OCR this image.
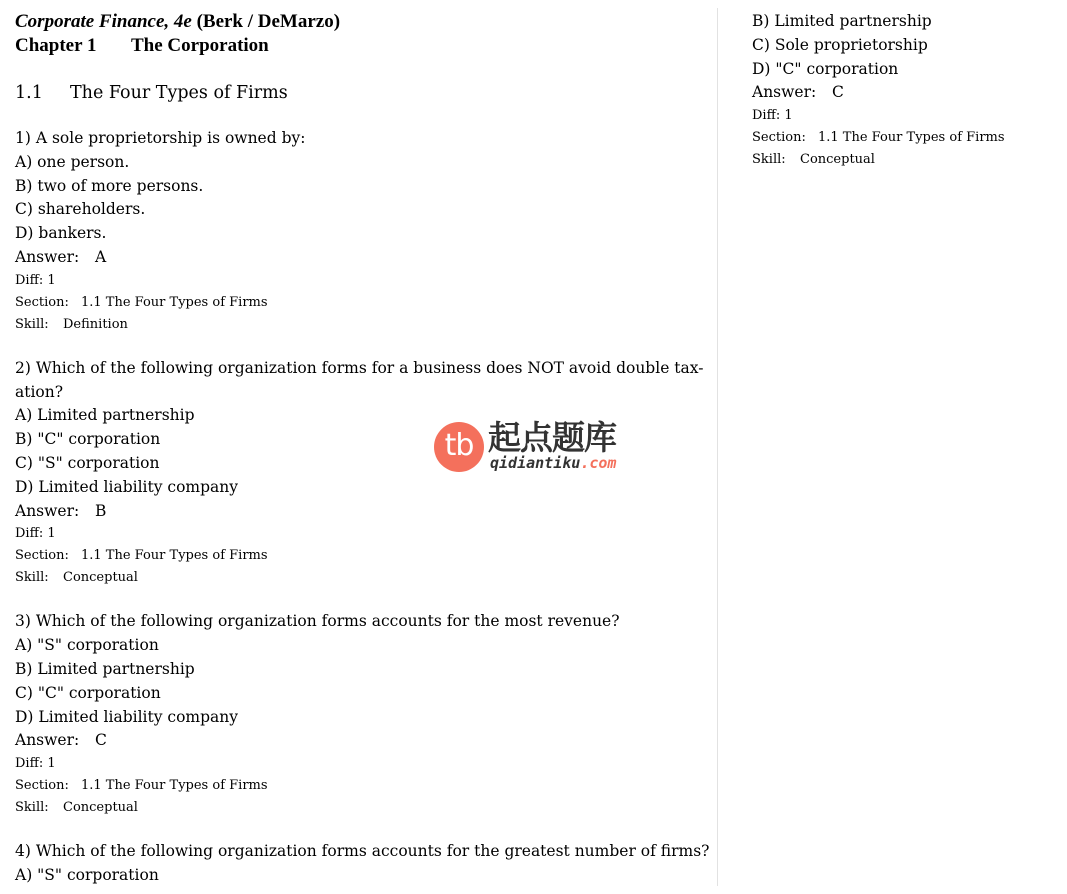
Corporate Finance, 4e (Berk / DeMarzo)
Chapter 1 The Corporation
1.1 The Four Types of Firms
1) A sole proprietorship is owned by:
A) one person.
B) two of more persons.
C) shareholders.
D) bankers.
Answer: A
Diff: 1
Section: 1.1 The Four Types of Firms
Skill: Definition
2) Which of the following organization forms for a business does NOT avoid double tax-
ation?
A) Limited partnership
B) "C" corporation
C) "S" corporation
D) Limited liability company
Answer: B
Diff: 1
Section: 1.1 The Four Types of Firms
Skill: Conceptual
3) Which of the following organization forms accounts for the most revenue?
A) "S" corporation
B) Limited partnership
C) "C" corporation
D) Limited liability company
Answer: C
Diff: 1
Section: 1.1 The Four Types of Firms
Skill: Conceptual
4) Which of the following organization forms accounts for the greatest number of firms?
A) "S" corporation
B) Limited partnership
C) Sole proprietorship
D) "C" corporation
Answer: C
Diff: 1
Section: 1.1 The Four Types of Firms
Skill: Conceptual
tb 起点题库
qidiantiku.com
